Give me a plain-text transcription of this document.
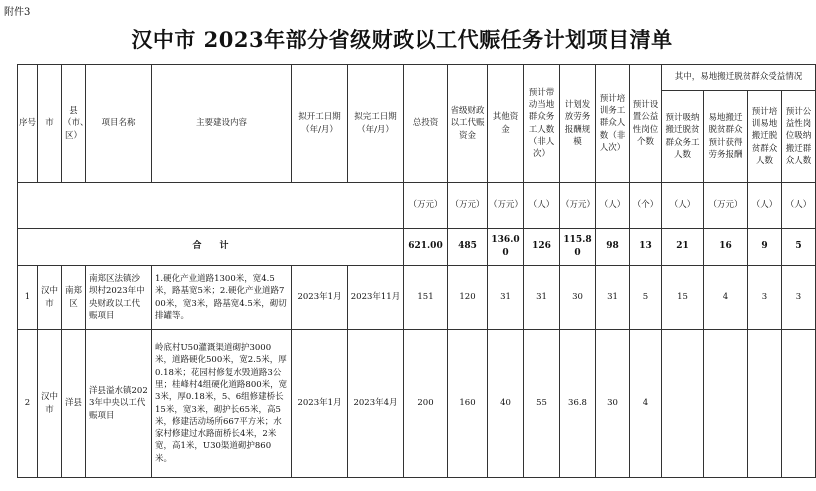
附件3
汉中市 2023年部分省级财政以工代赈任务计划项目清单
序号	市	县（市、区）	项目名称	主要建设内容	拟开工日期（年/月）	拟完工日期（年/月）	总投资	省级财政以工代赈资金	其他资金	预计带动当地群众务工人数（非人次）	计划发放劳务报酬规模	预计培训务工群众人数（非人次）	预计设置公益性岗位个数	其中，易地搬迁脱贫群众受益情况			
														预计吸纳搬迁脱贫群众务工人数	易地搬迁脱贫群众预计获得劳务报酬	预计培训易地搬迁脱贫群众人数	预计公益性岗位吸纳搬迁群众人数
							（万元）	（万元）	（万元）	（人）	（万元）	（人）	（个）	（人）	（万元）	（人）	（人）
合　　计							621.00	485	136.00	126	115.80	98	13	21	16	9	5
1	汉中市	南郑区	南郑区法镇沙坝村2023年中央财政以工代赈项目	1.硬化产业道路1300米，宽4.5米，路基宽5米；2.硬化产业道路700米，宽3米，路基宽4.5米，砌切排罐等。	2023年1月	2023年11月	151	120	31	31	30	31	5	15	4	3	3
2	汉中市	洋县	洋县溢水镇2023年中央以工代赈项目	岭底村U50灌溉渠道砌护3000米，道路硬化500米，宽2.5米，厚0.18米；花园村修复水毁道路3公里；桂峰村4组硬化道路800米，宽3米，厚0.18米，5、6组修建桥长15米，宽3米，砌护长65米，高5米，修建活动场所667平方米；水家村修建过水路面桥长4米，2米宽，高1米，U30渠道砌护860米。	2023年1月	2023年4月	200	160	40	55	36.8	30	4				
